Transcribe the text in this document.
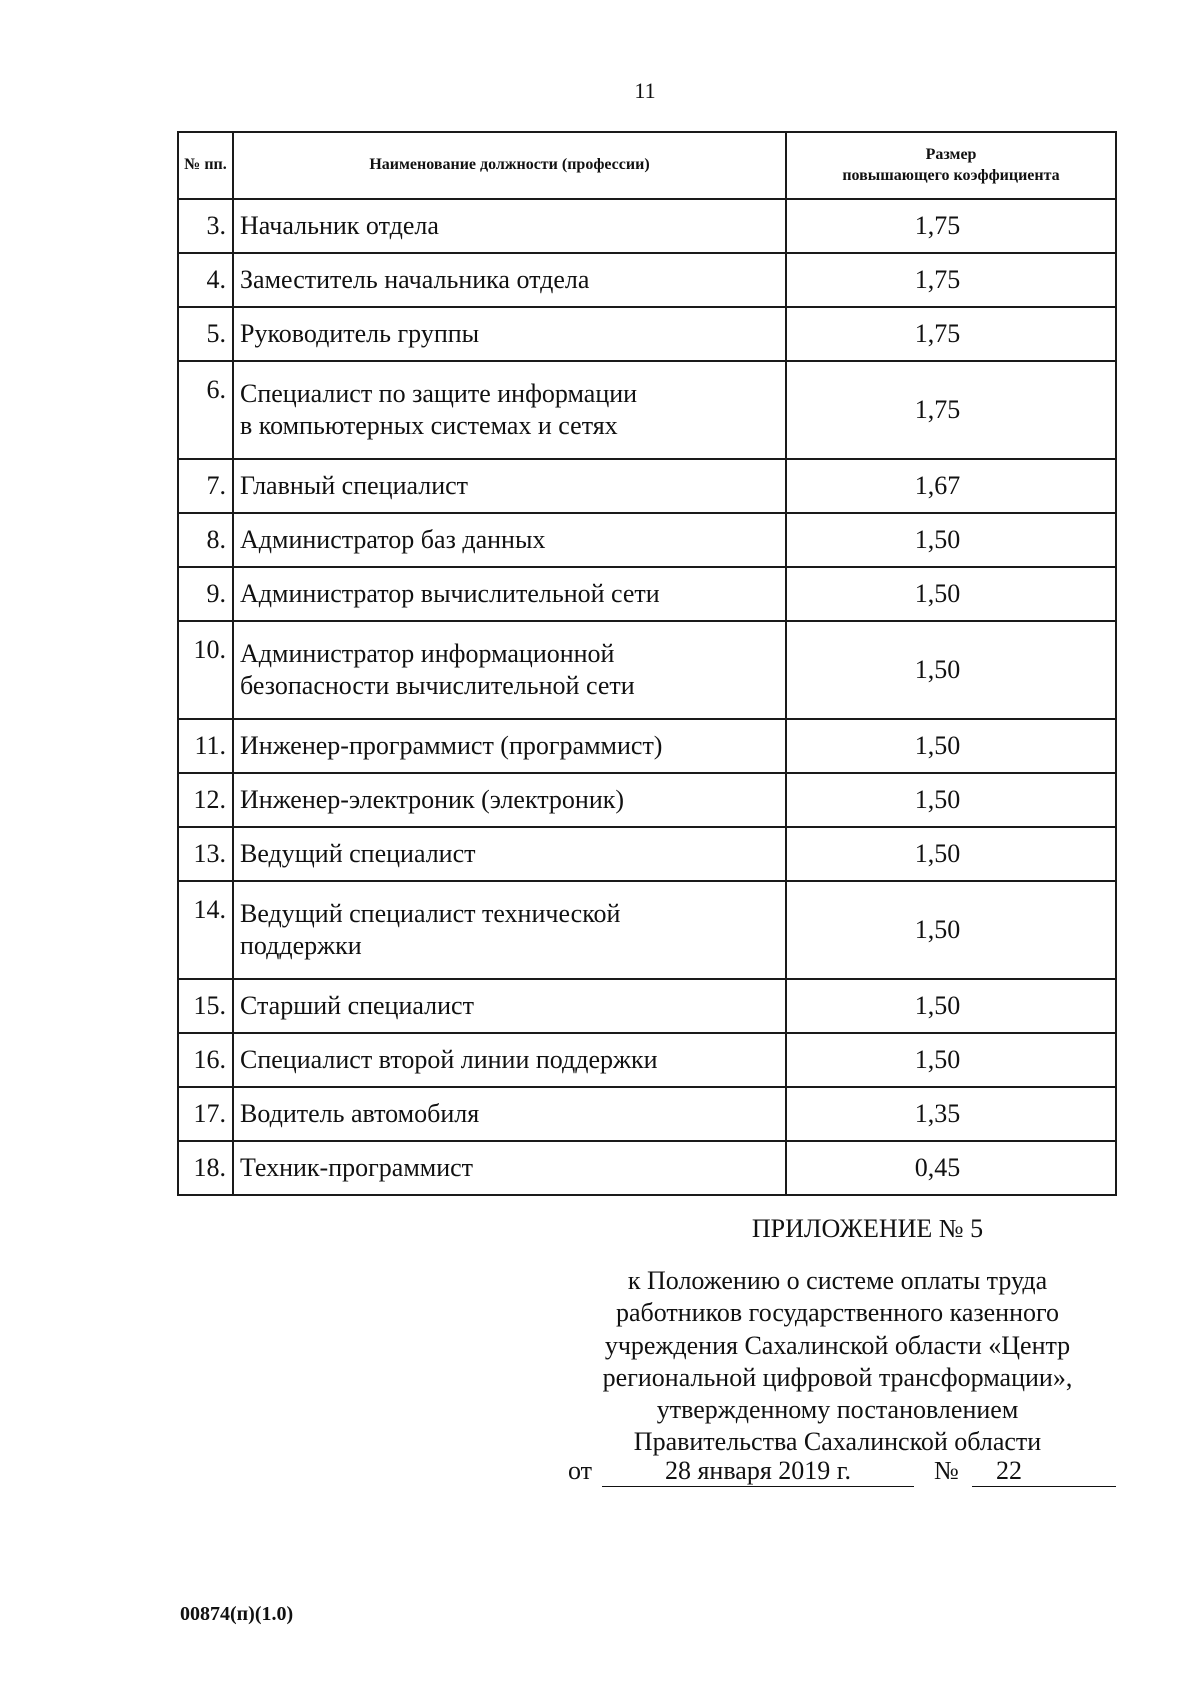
11
№ пп.	Наименование должности (профессии)	Размер
повышающего коэффициента

3.	Начальник отдела	1,75
4.	Заместитель начальника отдела	1,75
5.	Руководитель группы	1,75
6.	Специалист по защите информации
в компьютерных системах и сетях	1,75
7.	Главный специалист	1,67
8.	Администратор баз данных	1,50
9.	Администратор вычислительной сети	1,50
10.	Администратор информационной
безопасности вычислительной сети	1,50
11.	Инженер-программист (программист)	1,50
12.	Инженер-электроник (электроник)	1,50
13.	Ведущий специалист	1,50
14.	Ведущий специалист технической
поддержки	1,50
15.	Старший специалист	1,50
16.	Специалист второй линии поддержки	1,50
17.	Водитель автомобиля	1,35
18.	Техник-программист	0,45
ПРИЛОЖЕНИЕ № 5
к Положению о системе оплаты труда
работников государственного казенного
учреждения Сахалинской области «Центр
региональной цифровой трансформации»,
утвержденному постановлением
Правительства Сахалинской области
от	28 января 2019 г.	№	22
00874(п)(1.0)
